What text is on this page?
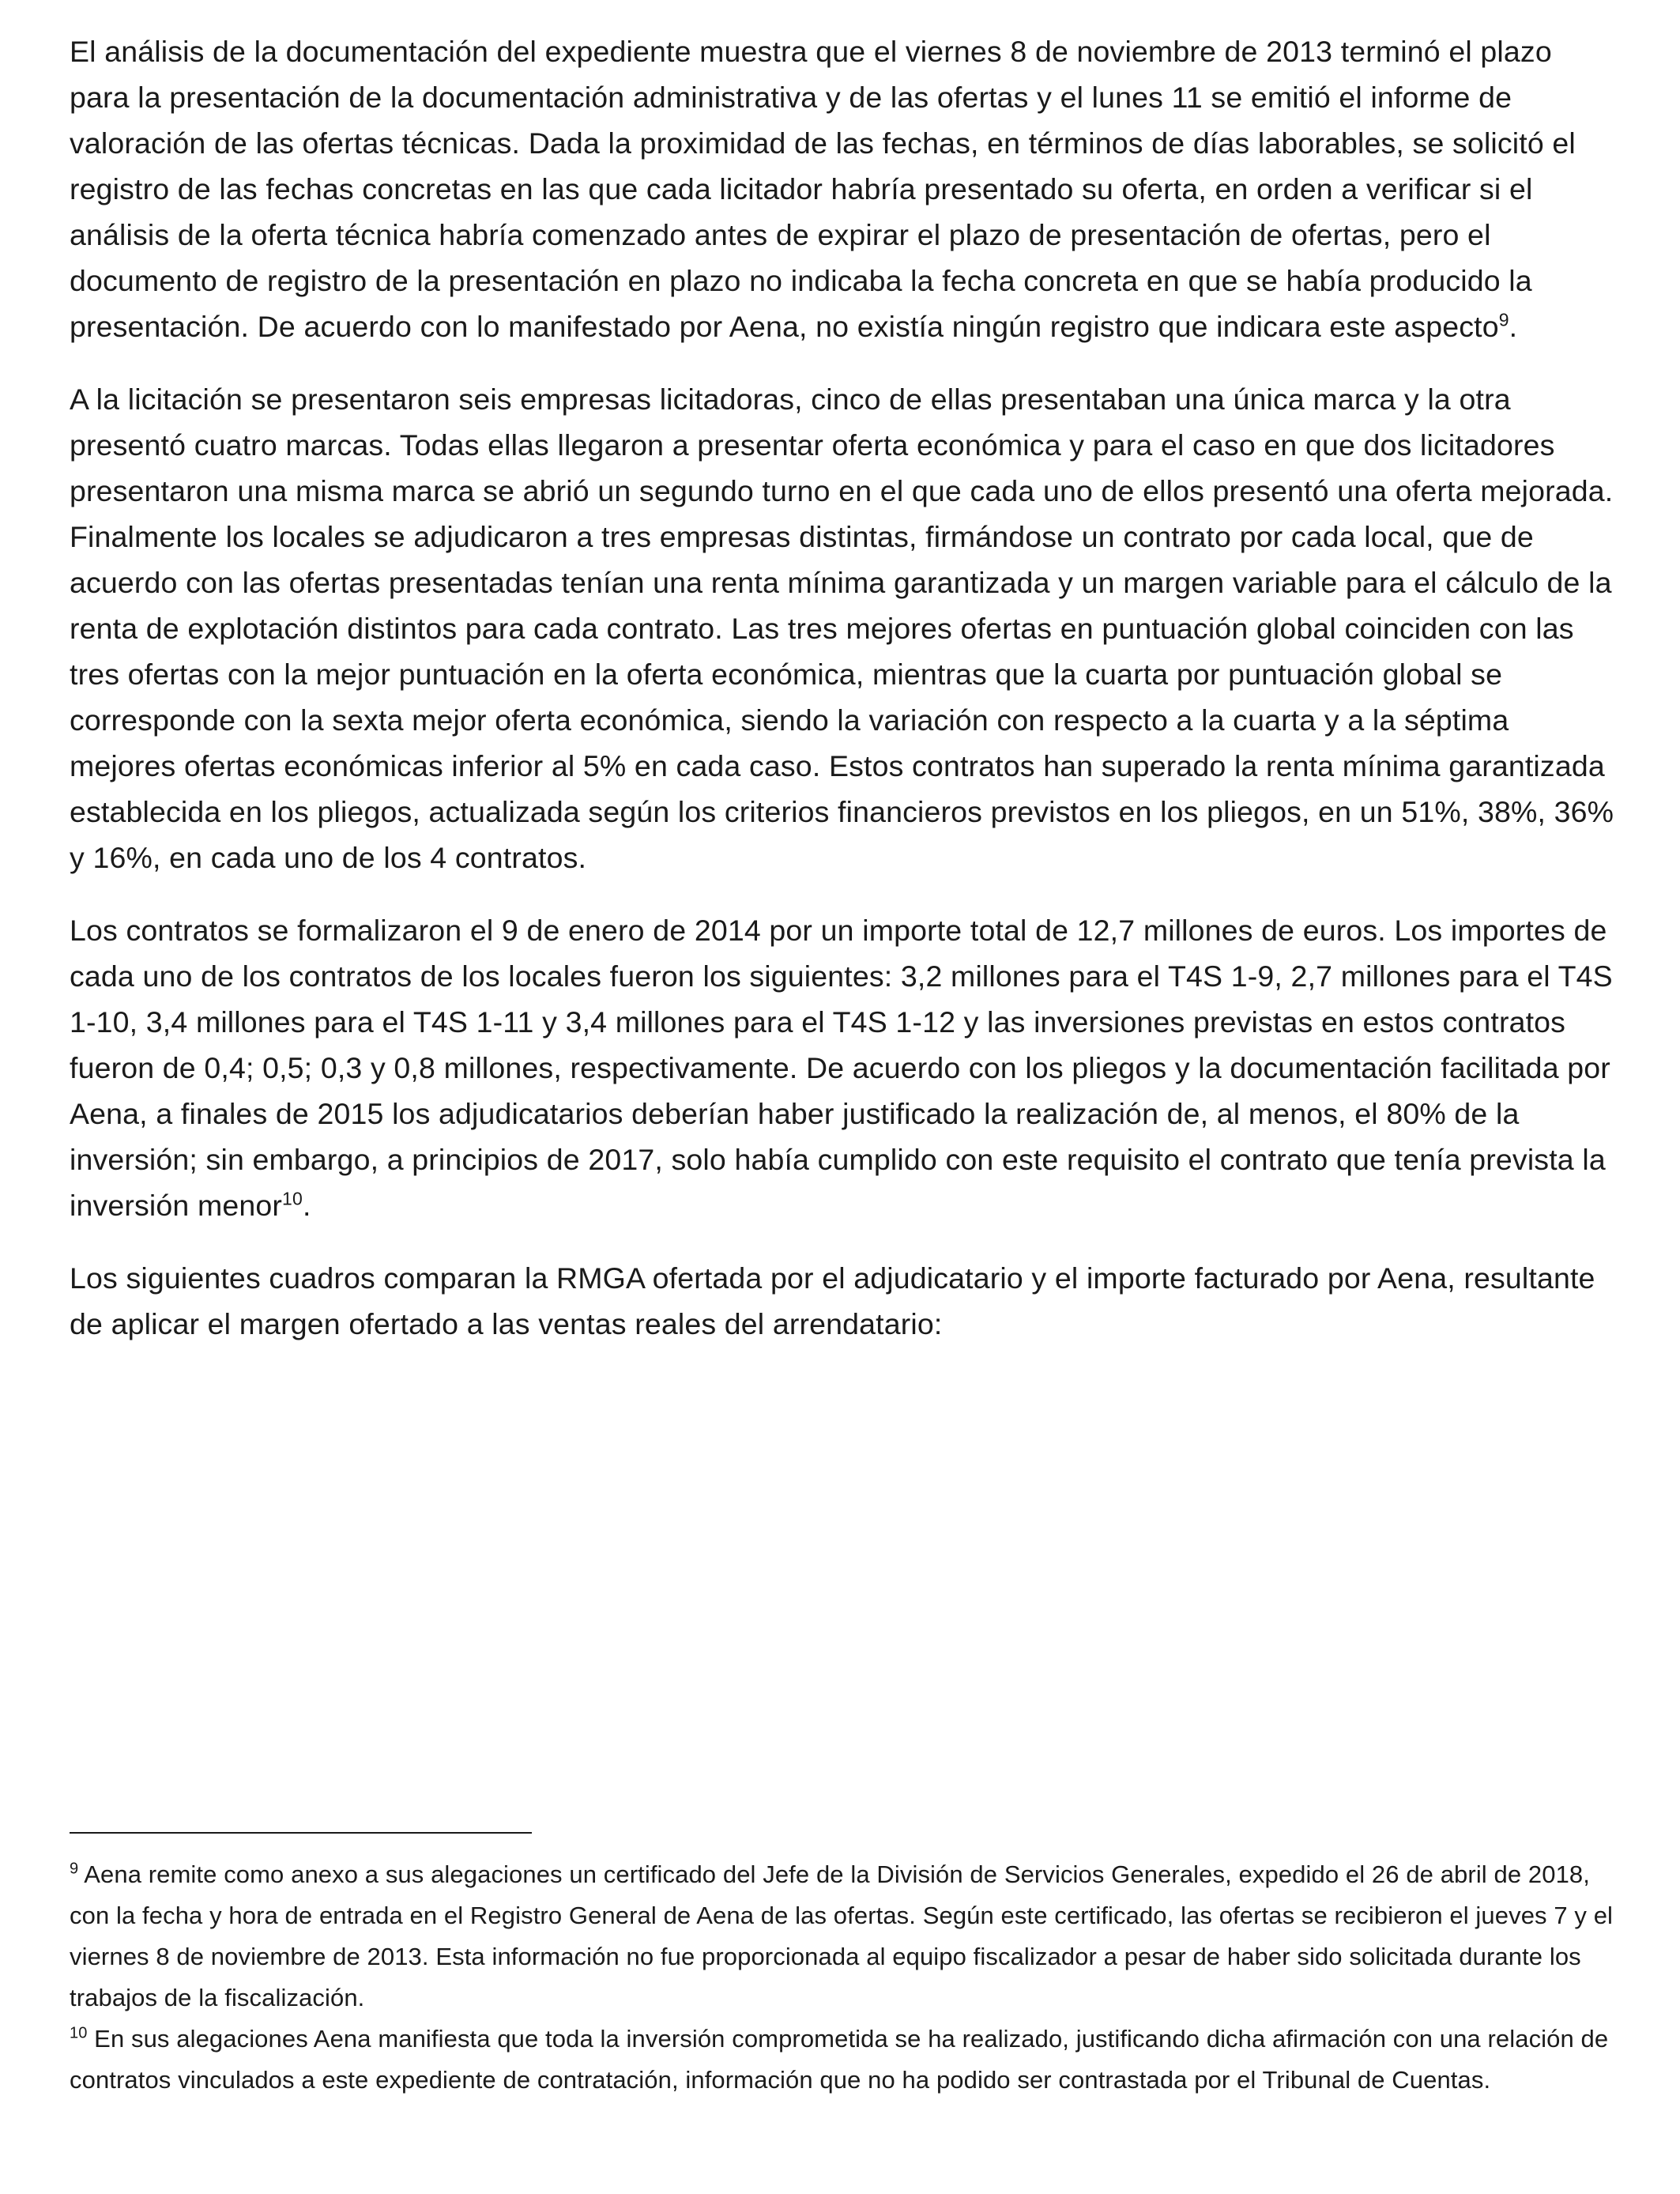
El análisis de la documentación del expediente muestra que el viernes 8 de noviembre de 2013 terminó el plazo para la presentación de la documentación administrativa y de las ofertas y el lunes 11 se emitió el informe de valoración de las ofertas técnicas. Dada la proximidad de las fechas, en términos de días laborables, se solicitó el registro de las fechas concretas en las que cada licitador habría presentado su oferta, en orden a verificar si el análisis de la oferta técnica habría comenzado antes de expirar el plazo de presentación de ofertas, pero el documento de registro de la presentación en plazo no indicaba la fecha concreta en que se había producido la presentación. De acuerdo con lo manifestado por Aena, no existía ningún registro que indicara este aspecto$^9$.

A la licitación se presentaron seis empresas licitadoras, cinco de ellas presentaban una única marca y la otra presentó cuatro marcas. Todas ellas llegaron a presentar oferta económica y para el caso en que dos licitadores presentaron una misma marca se abrió un segundo turno en el que cada uno de ellos presentó una oferta mejorada. Finalmente los locales se adjudicaron a tres empresas distintas, firmándose un contrato por cada local, que de acuerdo con las ofertas presentadas tenían una renta mínima garantizada y un margen variable para el cálculo de la renta de explotación distintos para cada contrato. Las tres mejores ofertas en puntuación global coinciden con las tres ofertas con la mejor puntuación en la oferta económica, mientras que la cuarta por puntuación global se corresponde con la sexta mejor oferta económica, siendo la variación con respecto a la cuarta y a la séptima mejores ofertas económicas inferior al 5% en cada caso. Estos contratos han superado la renta mínima garantizada establecida en los pliegos, actualizada según los criterios financieros previstos en los pliegos, en un 51%, 38%, 36% y 16%, en cada uno de los 4 contratos.

Los contratos se formalizaron el 9 de enero de 2014 por un importe total de 12,7 millones de euros. Los importes de cada uno de los contratos de los locales fueron los siguientes: 3,2 millones para el T4S 1-9, 2,7 millones para el T4S 1-10, 3,4 millones para el T4S 1-11 y 3,4 millones para el T4S 1-12 y las inversiones previstas en estos contratos fueron de 0,4; 0,5; 0,3 y 0,8 millones, respectivamente. De acuerdo con los pliegos y la documentación facilitada por Aena, a finales de 2015 los adjudicatarios deberían haber justificado la realización de, al menos, el 80% de la inversión; sin embargo, a principios de 2017, solo había cumplido con este requisito el contrato que tenía prevista la inversión menor$^{10}$.

Los siguientes cuadros comparan la RMGA ofertada por el adjudicatario y el importe facturado por Aena, resultante de aplicar el margen ofertado a las ventas reales del arrendatario:

$^9$ Aena remite como anexo a sus alegaciones un certificado del Jefe de la División de Servicios Generales, expedido el 26 de abril de 2018, con la fecha y hora de entrada en el Registro General de Aena de las ofertas. Según este certificado, las ofertas se recibieron el jueves 7 y el viernes 8 de noviembre de 2013. Esta información no fue proporcionada al equipo fiscalizador a pesar de haber sido solicitada durante los trabajos de la fiscalización.

$^{10}$ En sus alegaciones Aena manifiesta que toda la inversión comprometida se ha realizado, justificando dicha afirmación con una relación de contratos vinculados a este expediente de contratación, información que no ha podido ser contrastada por el Tribunal de Cuentas.
